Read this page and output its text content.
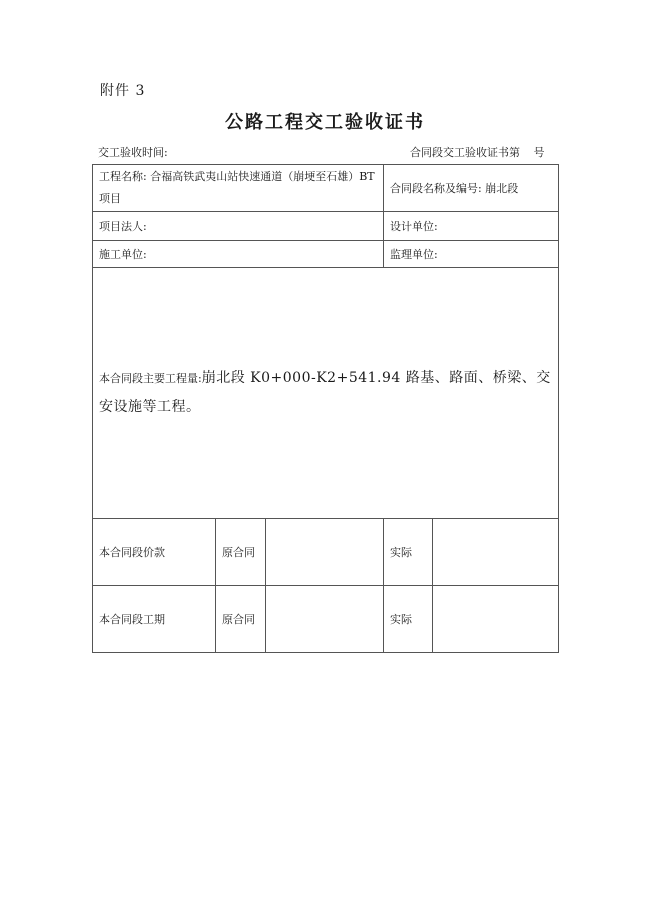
附件 3
公路工程交工验收证书
交工验收时间:	合同段交工验收证书第 号
工程名称: 合福高铁武夷山站快速通道（崩埂至石雄）BT项目			合同段名称及编号: 崩北段	
项目法人:			设计单位:	
施工单位:			监理单位:	

本合同段主要工程量:崩北段 K0+000-K2+541.94 路基、路面、桥梁、交安设施等工程。				

本合同段价款	原合同		实际	
本合同段工期	原合同		实际	
